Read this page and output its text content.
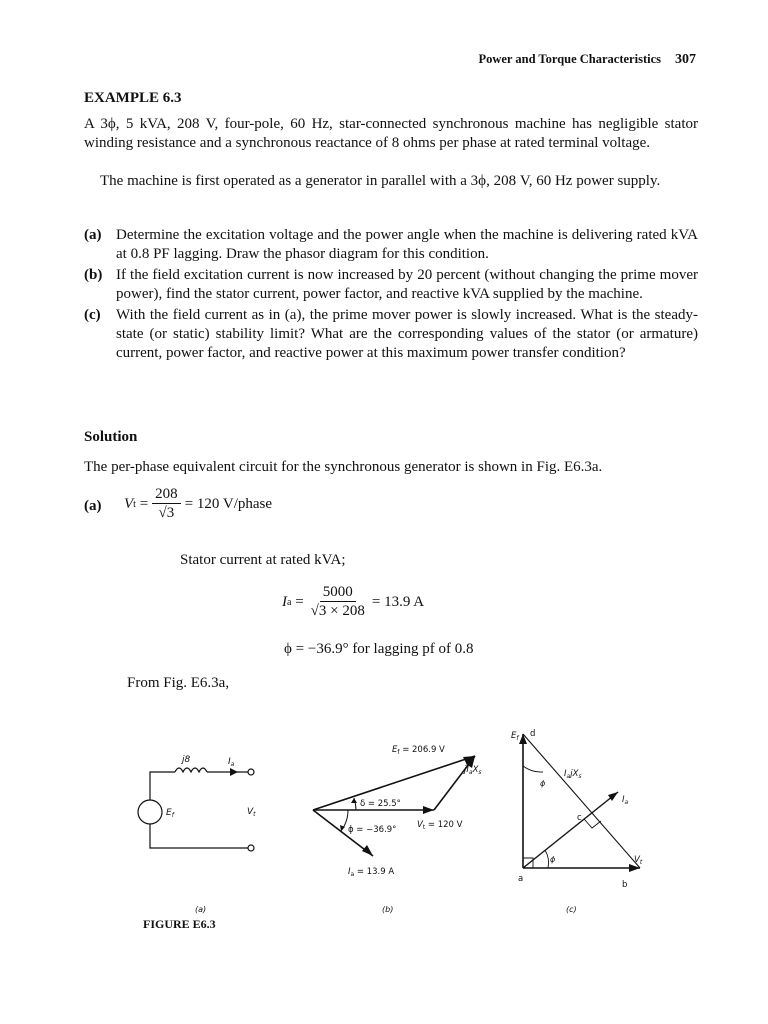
Power and Torque Characteristics 307
EXAMPLE 6.3

A 3ϕ, 5 kVA, 208 V, four-pole, 60 Hz, star-connected synchronous machine has negligible stator winding resistance and a synchronous reactance of 8 ohms per phase at rated terminal voltage.

The machine is first operated as a generator in parallel with a 3ϕ, 208 V, 60 Hz power supply.

(a) Determine the excitation voltage and the power angle when the machine is delivering rated kVA at 0.8 PF lagging. Draw the phasor diagram for this condition.
(b) If the field excitation current is now increased by 20 percent (without changing the prime mover power), find the stator current, power factor, and reactive kVA supplied by the machine.
(c)	With the field current as in (a), the prime mover power is slowly increased. What is the steady-state (or static) stability limit? What are the corresponding values of the stator (or armature) current, power factor, and reactive power at this maximum power transfer condition?
Solution

The per-phase equivalent circuit for the synchronous generator is shown in Fig. E6.3a.

(a) V $t = \frac{208}{√3} = 120$ V/phase
Stator current at rated kVA;
I $a = \frac{5000}{√3 \times 208} = 13.9$ A
ϕ = −36.9° for lagging pf of 0.8
From Fig. E6.3a,
j8	$I_a$
$E_f$	$V_t$
(a)
$E_f = 206.9$ V
$jI_aX_s$
δ = 25.5°
ϕ = −36.9° $V_t = 120$ V
$I_a = 13.9$ A
(b)
$E_f$ d
ϕ
$I_ajX_s$
$I_a$
c
ϕ	$V_t$
a
b
(c)
FIGURE E6.3
